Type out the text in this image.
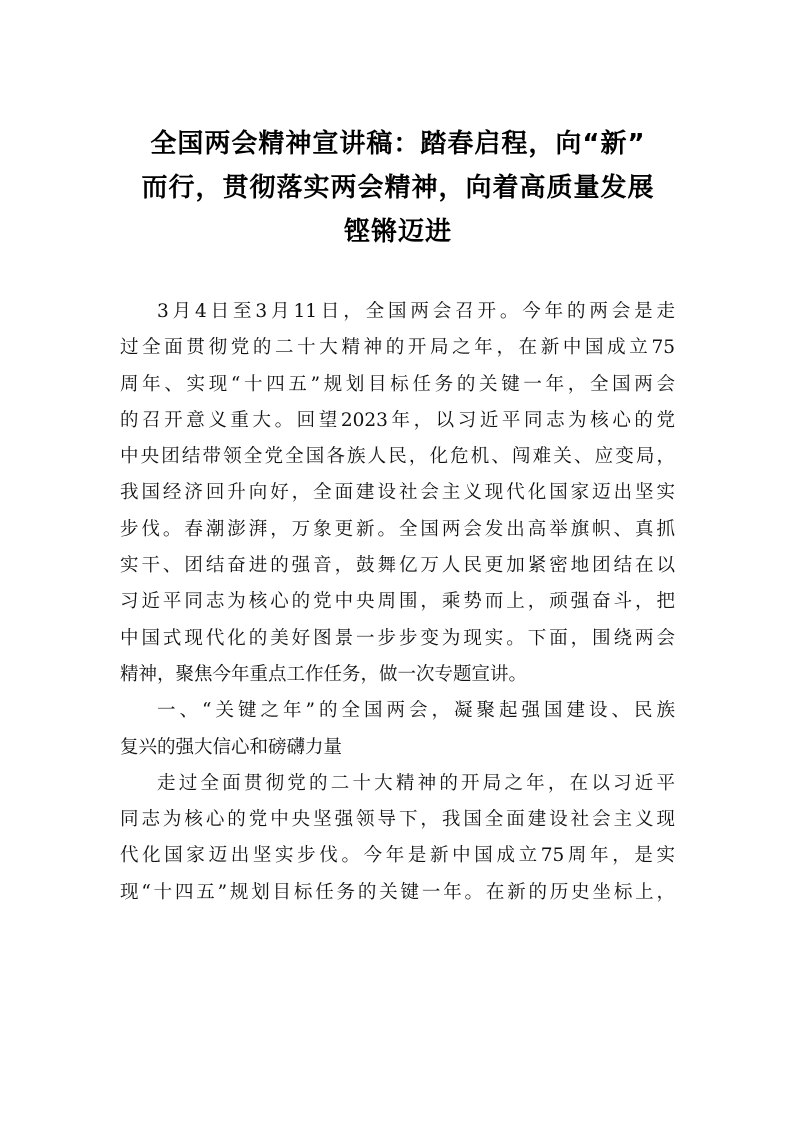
全国两会精神宣讲稿：踏春启程，向“新”
而行，贯彻落实两会精神，向着高质量发展
铿锵迈进

3月4日至3月11日，全国两会召开。今年的两会是走
过全面贯彻党的二十大精神的开局之年，在新中国成立75
周年、实现“十四五”规划目标任务的关键一年，全国两会
的召开意义重大。回望2023年，以习近平同志为核心的党
中央团结带领全党全国各族人民，化危机、闯难关、应变局，
我国经济回升向好，全面建设社会主义现代化国家迈出坚实
步伐。春潮澎湃，万象更新。全国两会发出高举旗帜、真抓
实干、团结奋进的强音，鼓舞亿万人民更加紧密地团结在以
习近平同志为核心的党中央周围，乘势而上，顽强奋斗，把
中国式现代化的美好图景一步步变为现实。下面，围绕两会
精神，聚焦今年重点工作任务，做一次专题宣讲。

一、“关键之年”的全国两会，凝聚起强国建设、民族
复兴的强大信心和磅礴力量

走过全面贯彻党的二十大精神的开局之年，在以习近平
同志为核心的党中央坚强领导下，我国全面建设社会主义现
代化国家迈出坚实步伐。今年是新中国成立75周年，是实
现“十四五”规划目标任务的关键一年。在新的历史坐标上，
